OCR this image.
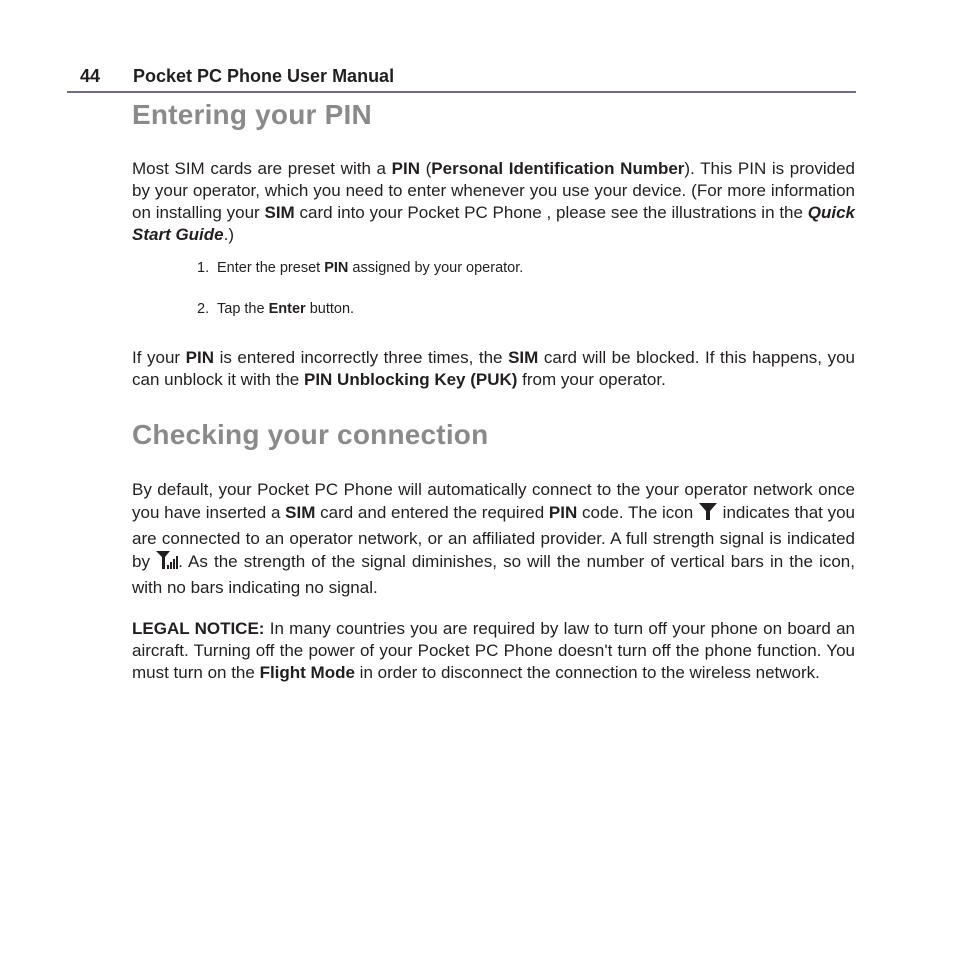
44 Pocket PC Phone User Manual
Entering your PIN

Most SIM cards are preset with a PIN (Personal Identification Number). This PIN is provided by your operator, which you need to enter whenever you use your device. (For more information on installing your SIM card into your Pocket PC Phone , please see the illustrations in the Quick Start Guide.)

1. Enter the preset PIN assigned by your operator.
2. Tap the Enter button.

If your PIN is entered incorrectly three times, the SIM card will be blocked. If this happens, you can unblock it with the PIN Unblocking Key (PUK) from your operator.

Checking your connection

By default, your Pocket PC Phone will automatically connect to the your operator network once you have inserted a SIM card and entered the required PIN code. The icon  indicates that you are connected to an operator network, or an affiliated provider. A full strength signal is indicated by . As the strength of the signal diminishes, so will the number of vertical bars in the icon, with no bars indicating no signal.

LEGAL NOTICE: In many countries you are required by law to turn off your phone on board an aircraft. Turning off the power of your Pocket PC Phone doesn't turn off the phone function. You must turn on the Flight Mode in order to disconnect the connection to the wireless network.
